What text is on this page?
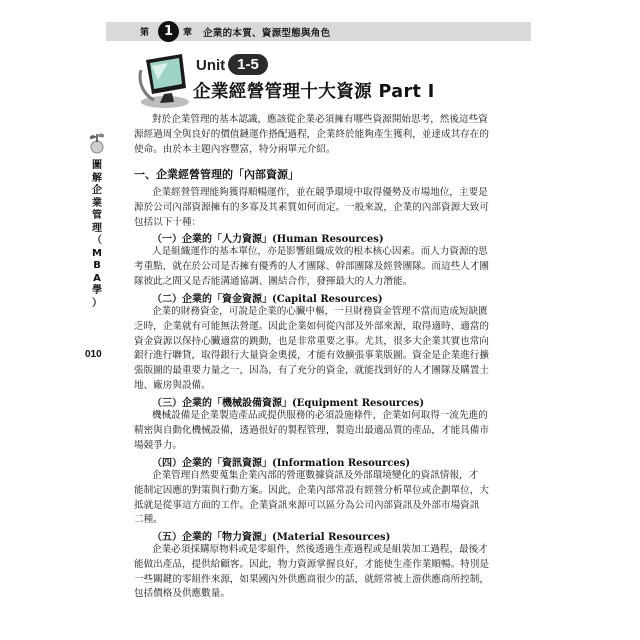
第	1	章 企業的本質、資源型態與角色
Unit 1-5
企業經營管理十大資源 Part I
圖
解
企
業
管
理
（
M
B
A
學
）
010
對於企業管理的基本認識，應該從企業必須擁有哪些資源開始思考，然後這些資
源經過周全與良好的價值鏈運作搭配過程，企業終於能夠產生獲利，並達成其存在的
使命。由於本主題內容豐富，特分兩單元介紹。
一、企業經營管理的「內部資源」
企業經營管理能夠獲得順暢運作，並在競爭環境中取得優勢及市場地位，主要是
源於公司內部資源擁有的多寡及其素質如何而定。一般來說，企業的內部資源大致可
包括以下十種：
（一）企業的「人力資源」(Human Resources)
人是組織運作的基本單位，亦是影響組織成效的根本核心因素。而人力資源的思
考重點，就在於公司是否擁有優秀的人才團隊、幹部團隊及經營團隊。而這些人才團
隊彼此之間又是否能溝通協調、團結合作，發揮最大的人力潛能。
（二）企業的「資金資源」(Capital Resources)
企業的財務資金，可說是企業的心臟中樞，一旦財務資金管理不當而造成短缺匱
乏時，企業就有可能無法營運。因此企業如何從內部及外部來源，取得適時、適當的
資金資源以保持心臟適當的跳動，也是非常重要之事。尤其，很多大企業其實也常向
銀行進行聯貸，取得銀行大量資金奧援，才能有效擴張事業版圖。資金是企業進行擴
張版圖的最重要力量之一，因為，有了充分的資金，就能找到好的人才團隊及購置土
地、廠房與設備。
（三）企業的「機械設備資源」(Equipment Resources)
機械設備是企業製造產品或提供服務的必須設施條件，企業如何取得一流先進的
精密與自動化機械設備，透過很好的製程管理，製造出最適品質的產品，才能具備市
場競爭力。
（四）企業的「資訊資源」(Information Resources)
企業管理自然要蒐集企業內部的營運數據資訊及外部環境變化的資訊情報，才
能制定因應的對策與行動方案。因此，企業內部常設有經營分析單位或企劃單位，大
抵就是從事這方面的工作。企業資訊來源可以區分為公司內部資訊及外部市場資訊
二種。
（五）企業的「物力資源」(Material Resources)
企業必須採購原物料或是零組件，然後透過生產過程或是組裝加工過程，最後才
能做出產品，提供給顧客。因此，物力資源掌握良好，才能使生產作業順暢。特別是
一些關鍵的零組件來源，如果國內外供應商很少的話，就經常被上游供應商所控制，
包括價格及供應數量。
